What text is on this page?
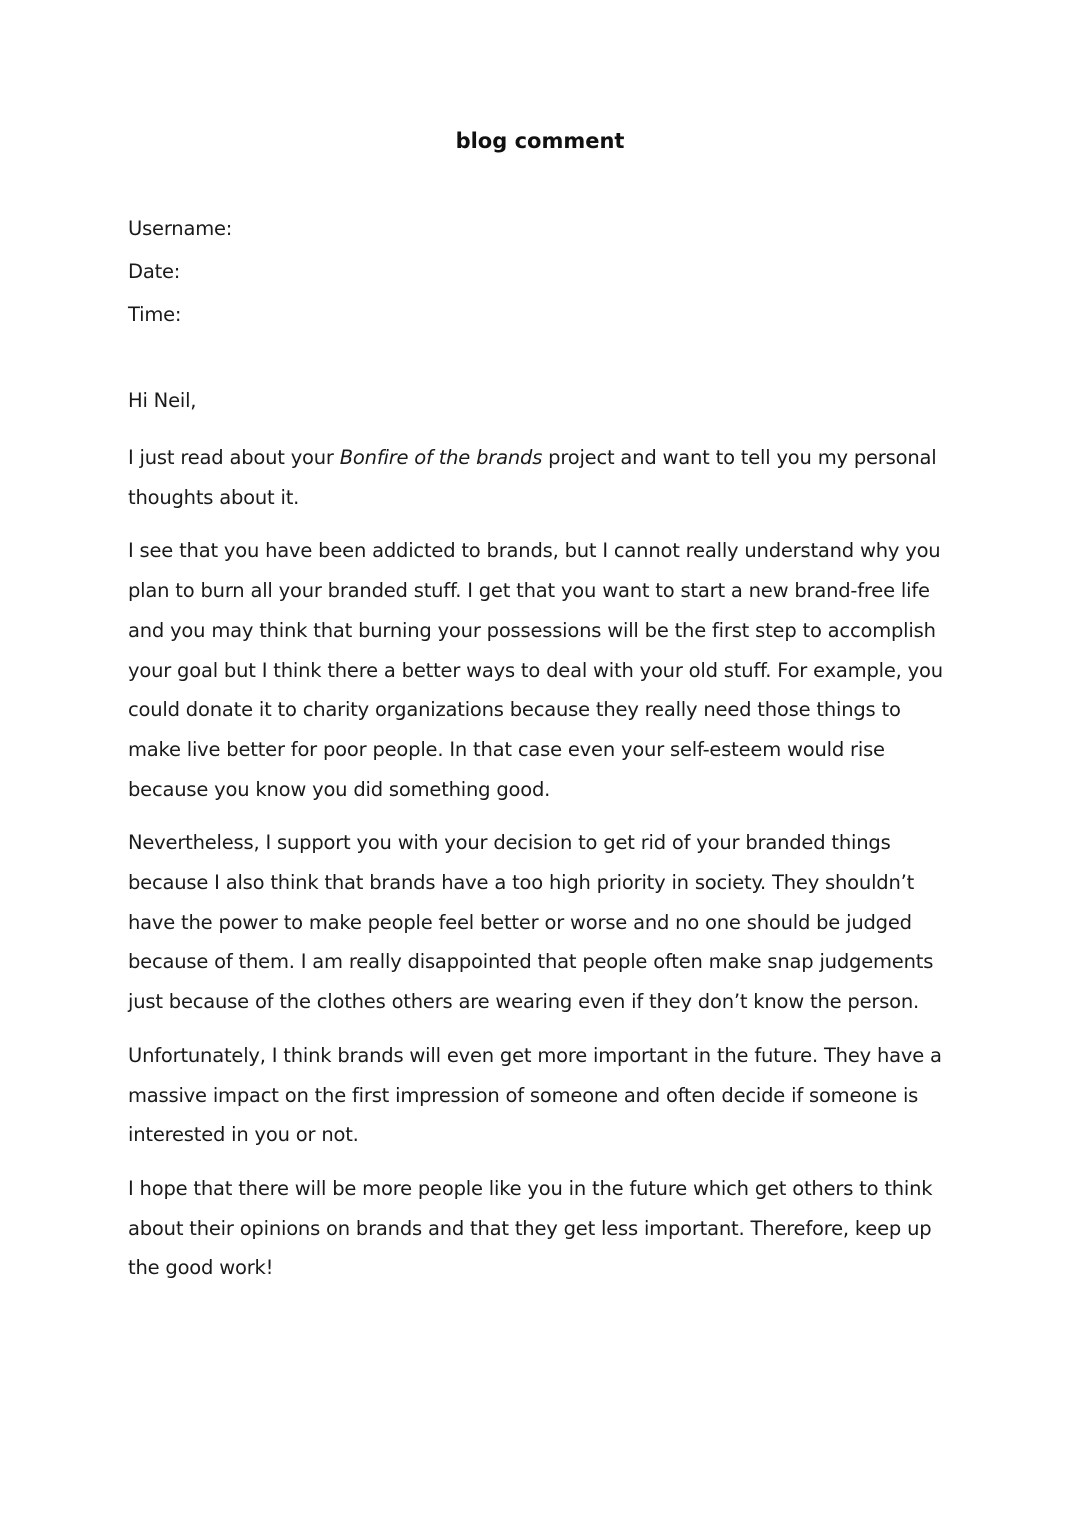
blog comment
Username:
Date:
Time:
Hi Neil,

I just read about your Bonfire of the brands project and want to tell you my personal thoughts about it.

I see that you have been addicted to brands, but I cannot really understand why you plan to burn all your branded stuff. I get that you want to start a new brand-free life and you may think that burning your possessions will be the first step to accomplish your goal but I think there a better ways to deal with your old stuff. For example, you could donate it to charity organizations because they really need those things to make live better for poor people. In that case even your self-esteem would rise because you know you did something good.

Nevertheless, I support you with your decision to get rid of your branded things because I also think that brands have a too high priority in society. They shouldn’t have the power to make people feel better or worse and no one should be judged because of them. I am really disappointed that people often make snap judgements just because of the clothes others are wearing even if they don’t know the person.

Unfortunately, I think brands will even get more important in the future. They have a massive impact on the first impression of someone and often decide if someone is interested in you or not.

I hope that there will be more people like you in the future which get others to think about their opinions on brands and that they get less important. Therefore, keep up the good work!
